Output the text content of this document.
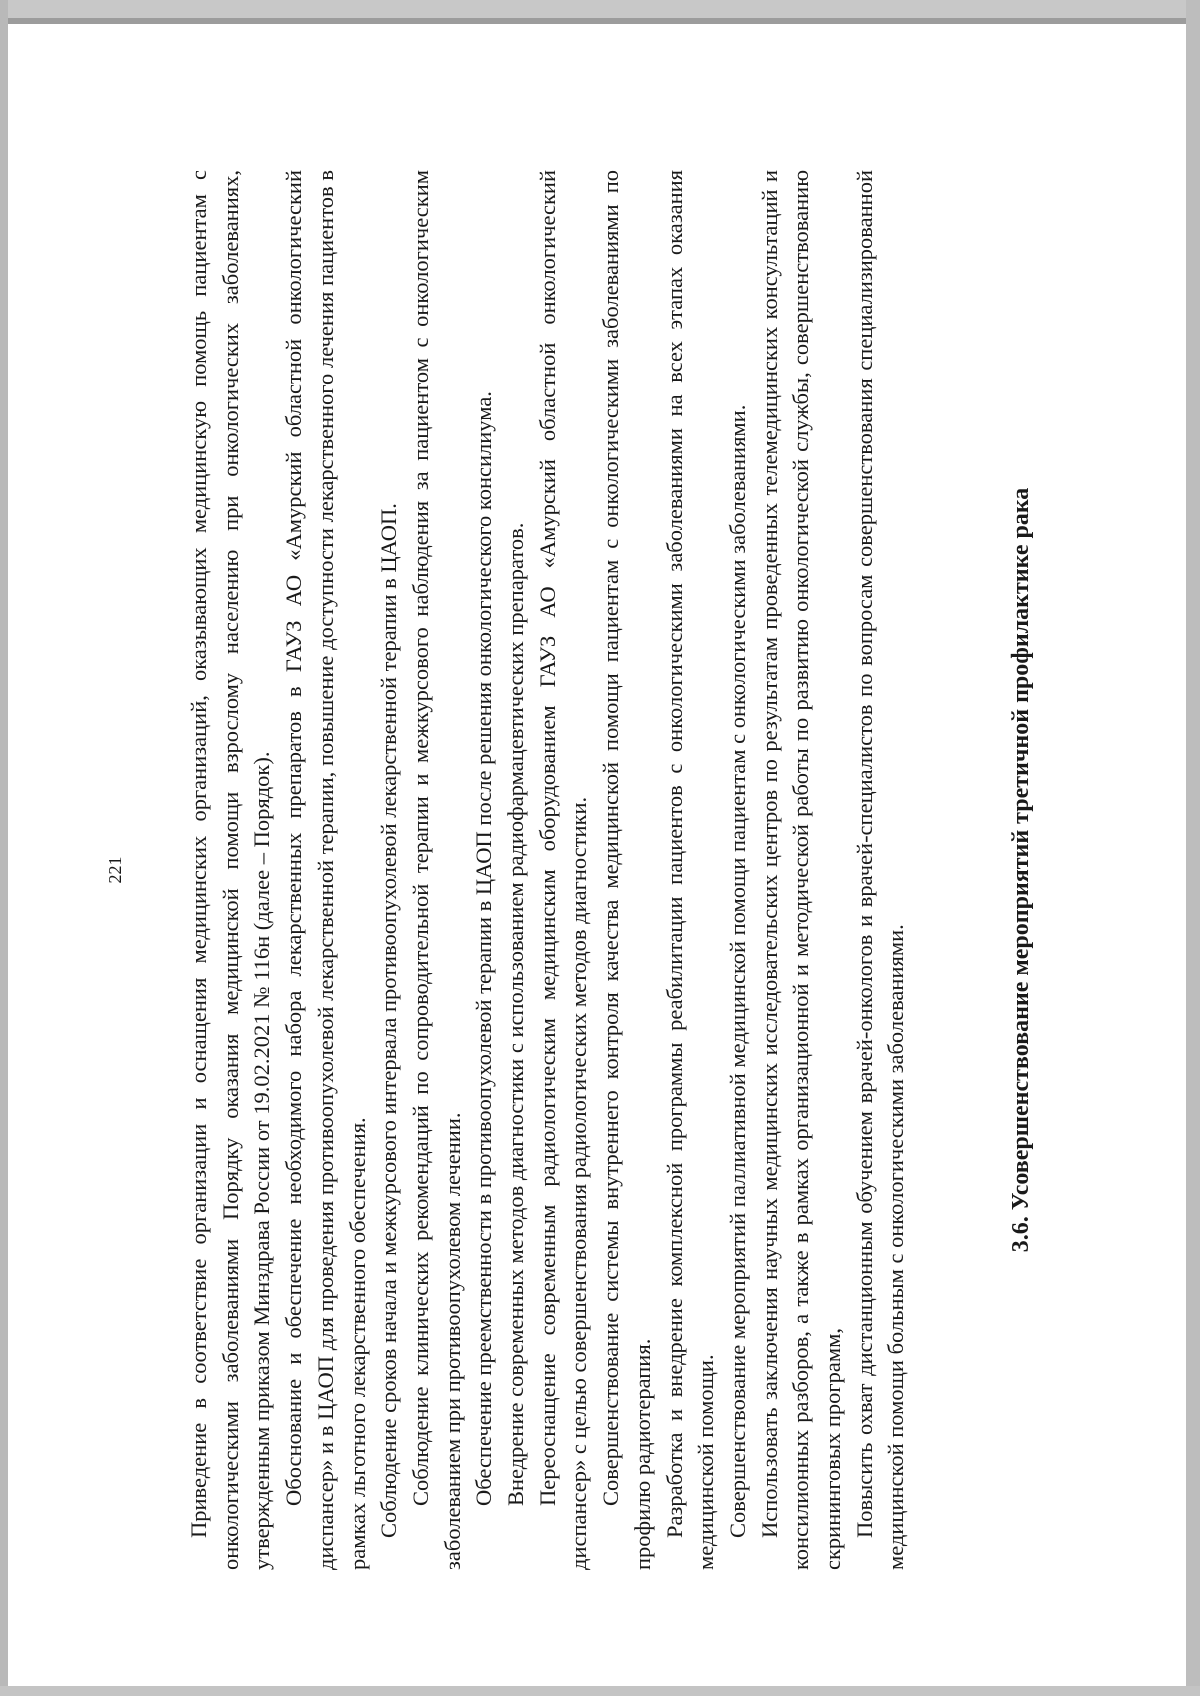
221	Приведение в соответствие организации и оснащения медицинских организаций, оказывающих медицинскую помощь пациентам с онкологическими заболеваниями Порядку оказания медицинской помощи взрослому населению при онкологических заболеваниях, утвержденным приказом Минздрава России от 19.02.2021 № 116н (далее – Порядок). Обоснование и обеспечение необходимого набора лекарственных препаратов в ГАУЗ АО «Амурский областной онкологический диспансер» и в ЦАОП для проведения противоопухолевой лекарственной терапии, повышение доступности лекарственного лечения пациентов в рамках льготного лекарственного обеспечения. Соблюдение сроков начала и межкурсового интервала противоопухолевой лекарственной терапии в ЦАОП. Соблюдение клинических рекомендаций по сопроводительной терапии и межкурсового наблюдения за пациентом с онкологическим заболеванием при противоопухолевом лечении. Обеспечение преемственности в противоопухолевой терапии в ЦАОП после решения онкологического консилиума. Внедрение современных методов диагностики с использованием радиофармацевтических препаратов. Переоснащение современным радиологическим медицинским оборудованием ГАУЗ АО «Амурский областной онкологический диспансер» с целью совершенствования радиологических методов диагностики. Совершенствование системы внутреннего контроля качества медицинской помощи пациентам с онкологическими заболеваниями по профилю радиотерапия. Разработка и внедрение комплексной программы реабилитации пациентов с онкологическими заболеваниями на всех этапах оказания медицинской помощи. Совершенствование мероприятий паллиативной медицинской помощи пациентам с онкологическими заболеваниями. Использовать заключения научных медицинских исследовательских центров по результатам проведенных телемедицинских консультаций и консилионных разборов, а также в рамках организационной и методической работы по развитию онкологической службы, совершенствованию скрининговых программ, Повысить охват дистанционным обучением врачей-онкологов и врачей-специалистов по вопросам совершенствования специализированной медицинской помощи больным с онкологическими заболеваниями.	3.6. Усовершенствование мероприятий третичной профилактике рака
